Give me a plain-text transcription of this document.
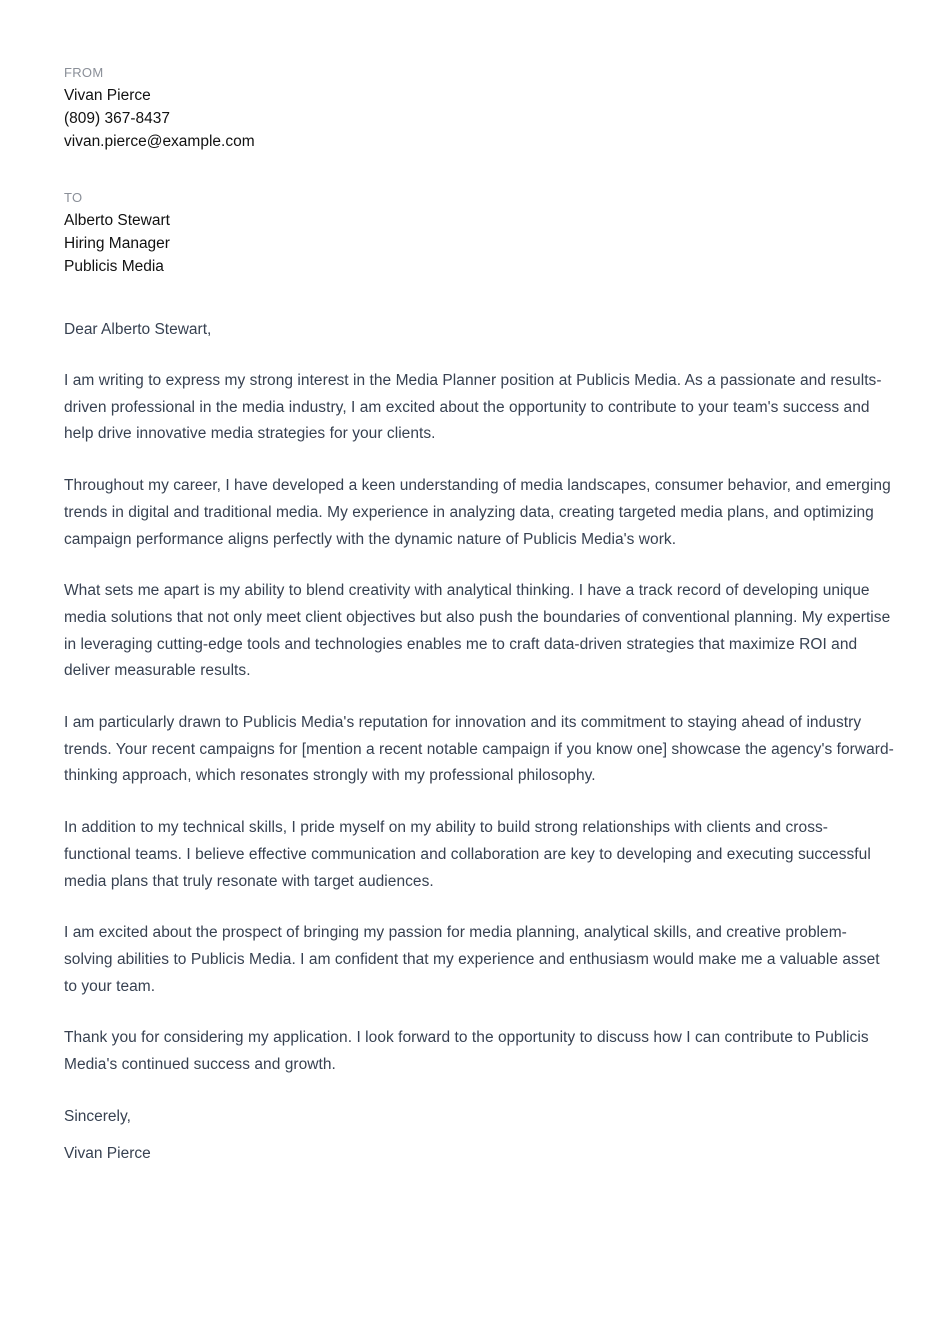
FROM
Vivan Pierce
(809) 367-8437
vivan.pierce@example.com
TO
Alberto Stewart
Hiring Manager
Publicis Media
Dear Alberto Stewart,
I am writing to express my strong interest in the Media Planner position at Publicis Media. As a passionate and results-driven professional in the media industry, I am excited about the opportunity to contribute to your team's success and help drive innovative media strategies for your clients.
Throughout my career, I have developed a keen understanding of media landscapes, consumer behavior, and emerging trends in digital and traditional media. My experience in analyzing data, creating targeted media plans, and optimizing campaign performance aligns perfectly with the dynamic nature of Publicis Media's work.
What sets me apart is my ability to blend creativity with analytical thinking. I have a track record of developing unique media solutions that not only meet client objectives but also push the boundaries of conventional planning. My expertise in leveraging cutting-edge tools and technologies enables me to craft data-driven strategies that maximize ROI and deliver measurable results.
I am particularly drawn to Publicis Media's reputation for innovation and its commitment to staying ahead of industry trends. Your recent campaigns for [mention a recent notable campaign if you know one] showcase the agency's forward-thinking approach, which resonates strongly with my professional philosophy.
In addition to my technical skills, I pride myself on my ability to build strong relationships with clients and cross-functional teams. I believe effective communication and collaboration are key to developing and executing successful media plans that truly resonate with target audiences.
I am excited about the prospect of bringing my passion for media planning, analytical skills, and creative problem-solving abilities to Publicis Media. I am confident that my experience and enthusiasm would make me a valuable asset to your team.
Thank you for considering my application. I look forward to the opportunity to discuss how I can contribute to Publicis Media's continued success and growth.
Sincerely,
Vivan Pierce
